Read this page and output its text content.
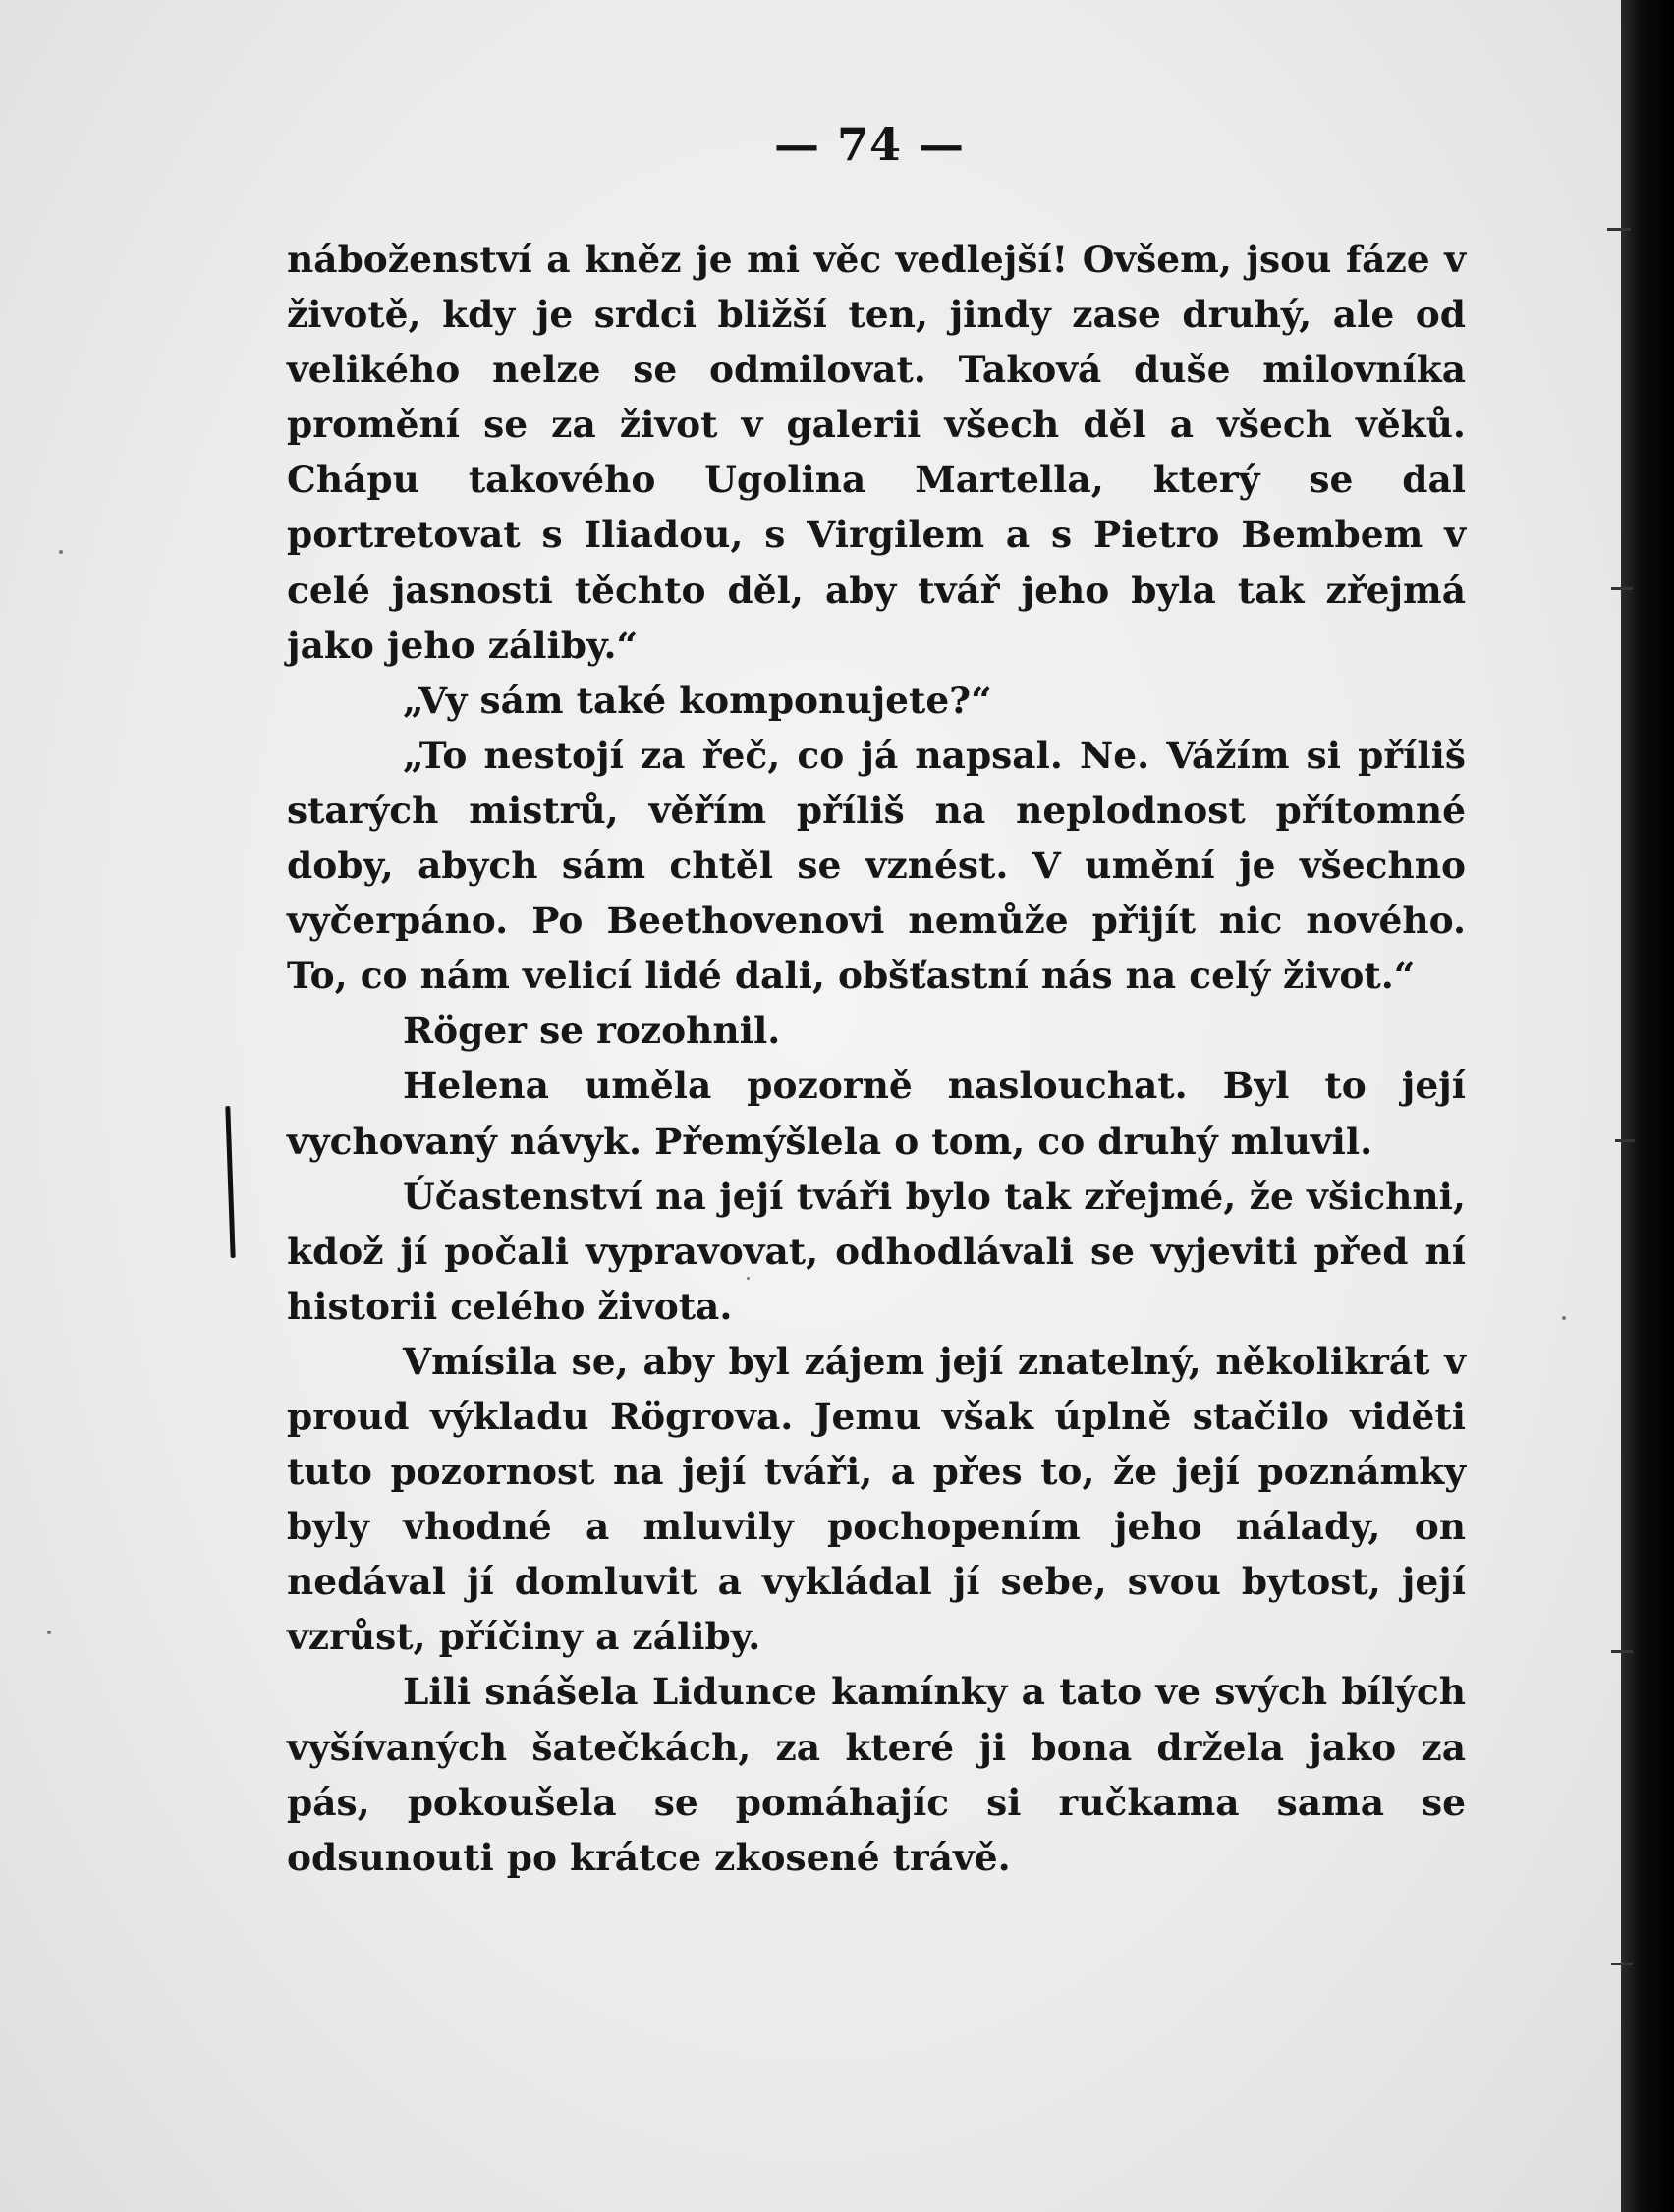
— 74 —

náboženství a kněz je mi věc vedlejší! Ovšem, jsou fáze v životě, kdy je srdci bližší ten, jindy zase druhý, ale od velikého nelze se odmilovat. Taková duše milovníka promění se za život v galerii všech děl a všech věků. Chápu takového Ugolina Martella, který se dal portretovat s Iliadou, s Virgilem a s Pietro Bembem v celé jasnosti těchto děl, aby tvář jeho byla tak zřejmá jako jeho záliby.“

„Vy sám také komponujete?“

„To nestojí za řeč, co já napsal. Ne. Vážím si příliš starých mistrů, věřím příliš na neplodnost přítomné doby, abych sám chtěl se vznést. V umění je všechno vyčerpáno. Po Beethovenovi nemůže přijít nic nového. To, co nám velicí lidé dali, obšťastní nás na celý život.“

Röger se rozohnil.

Helena uměla pozorně naslouchat. Byl to její vychovaný návyk. Přemýšlela o tom, co druhý mluvil.

Účastenství na její tváři bylo tak zřejmé, že všichni, kdož jí počali vypravovat, odhodlávali se vyjeviti před ní historii celého života.

Vmísila se, aby byl zájem její znatelný, několikrát v proud výkladu Rögrova. Jemu však úplně stačilo viděti tuto pozornost na její tváři, a přes to, že její poznámky byly vhodné a mluvily pochopením jeho nálady, on nedával jí domluvit a vykládal jí sebe, svou bytost, její vzrůst, příčiny a záliby.

Lili snášela Lidunce kamínky a tato ve svých bílých vyšívaných šatečkách, za které ji bona držela jako za pás, pokoušela se pomáhajíc si ručkama sama se odsunouti po krátce zkosené trávě.
